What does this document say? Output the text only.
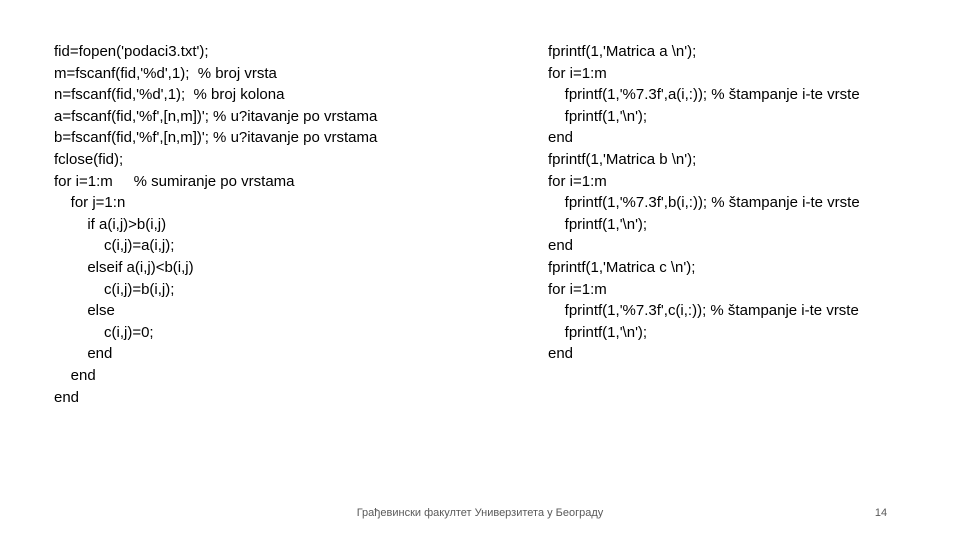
fid=fopen('podaci3.txt');
m=fscanf(fid,'%d',1);  % broj vrsta
n=fscanf(fid,'%d',1);  % broj kolona
a=fscanf(fid,'%f',[n,m])'; % u?itavanje po vrstama
b=fscanf(fid,'%f',[n,m])'; % u?itavanje po vrstama
fclose(fid);
for i=1:m     % sumiranje po vrstama
for j=1:n
if a(i,j)>b(i,j)
c(i,j)=a(i,j);
elseif a(i,j)<b(i,j)
c(i,j)=b(i,j);
else
c(i,j)=0;
end
end
end
fprintf(1,'Matrica a \n');
for i=1:m
fprintf(1,'%7.3f',a(i,:)); % štampanje i-te vrste
fprintf(1,'\n');
end
fprintf(1,'Matrica b \n');
for i=1:m
fprintf(1,'%7.3f',b(i,:)); % štampanje i-te vrste
fprintf(1,'\n');
end
fprintf(1,'Matrica c \n');
for i=1:m
fprintf(1,'%7.3f',c(i,:)); % štampanje i-te vrste
fprintf(1,'\n');
end
Грађевински факултет Универзитета у Београду	14
